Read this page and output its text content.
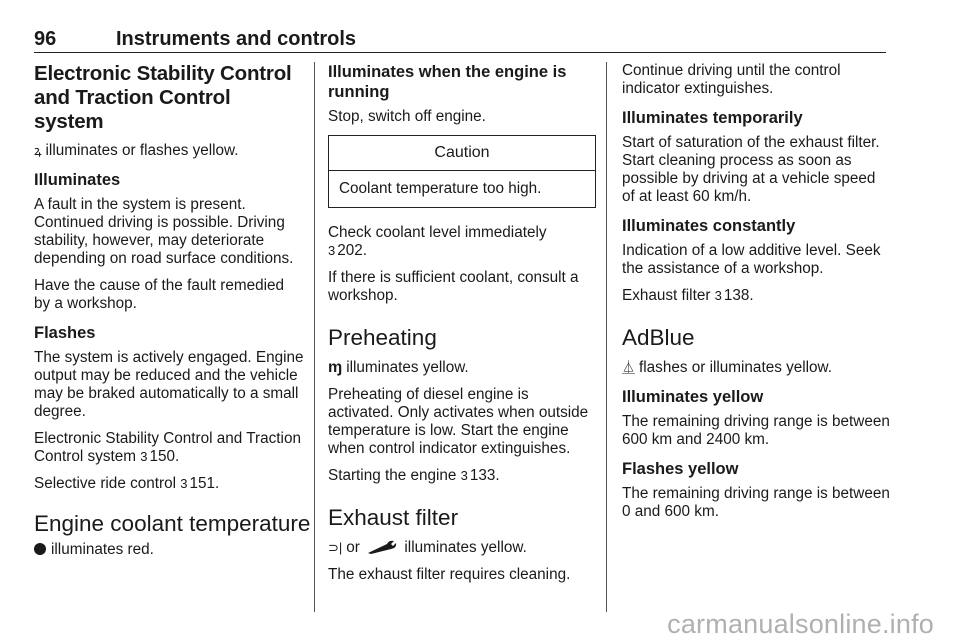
96	Instruments and controls
Electronic Stability Control and Traction Control system

ꝝ illuminates or flashes yellow.

Illuminates

A fault in the system is present. Continued driving is possible. Driving stability, however, may deteriorate depending on road surface conditions.

Have the cause of the fault remedied by a workshop.

Flashes

The system is actively engaged. Engine output may be reduced and the vehicle may be braked automatically to a small degree.

Electronic Stability Control and Traction Control system 3 150.

Selective ride control 3 151.

Engine coolant temperature

illuminates red.

Illuminates when the engine is running

Stop, switch off engine.

Caution
Coolant temperature too high.

Check coolant level immediately
3 202.

If there is sufficient coolant, consult a workshop.

Preheating

ɱ illuminates yellow.

Preheating of diesel engine is activated. Only activates when outside temperature is low. Start the engine when control indicator extinguishes.

Starting the engine 3 133.

Exhaust filter

⊃| or	illuminates yellow.

The exhaust filter requires cleaning.

Continue driving until the control indicator extinguishes.

Illuminates temporarily

Start of saturation of the exhaust filter. Start cleaning process as soon as possible by driving at a vehicle speed of at least 60 km/h.

Illuminates constantly

Indication of a low additive level. Seek the assistance of a workshop.

Exhaust filter 3 138.

AdBlue

⏅ flashes or illuminates yellow.

Illuminates yellow

The remaining driving range is between 600 km and 2400 km.

Flashes yellow

The remaining driving range is between 0 and 600 km.

carmanualsonline.info
